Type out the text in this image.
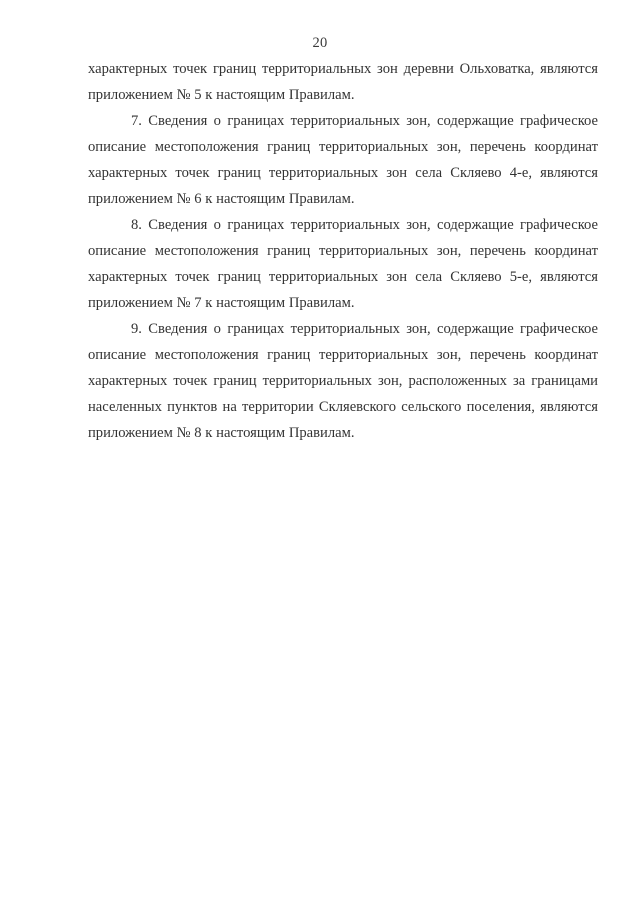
20

характерных точек границ территориальных зон деревни Ольховатка, являются приложением № 5 к настоящим Правилам.

7. Сведения о границах территориальных зон, содержащие графическое описание местоположения границ территориальных зон, перечень координат характерных точек границ территориальных зон села Скляево 4-е, являются приложением № 6 к настоящим Правилам.

8. Сведения о границах территориальных зон, содержащие графическое описание местоположения границ территориальных зон, перечень координат характерных точек границ территориальных зон села Скляево 5-е, являются приложением № 7 к настоящим Правилам.

9. Сведения о границах территориальных зон, содержащие графическое описание местоположения границ территориальных зон, перечень координат характерных точек границ территориальных зон, расположенных за границами населенных пунктов на территории Скляевского сельского поселения, являются приложением № 8 к настоящим Правилам.
